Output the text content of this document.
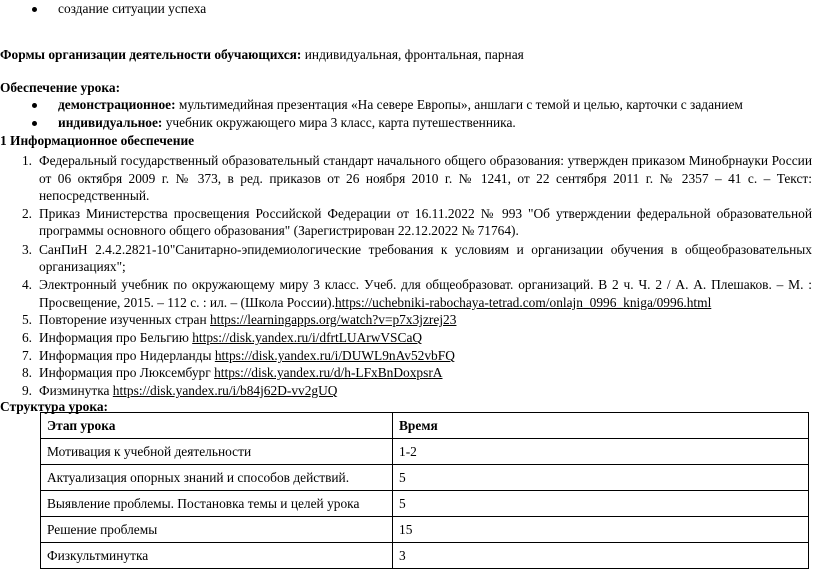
создание ситуации успеха
Формы организации деятельности обучающихся: индивидуальная, фронтальная, парная
Обеспечение урока:
демонстрационное: мультимедийная презентация «На севере Европы», аншлаги с темой и целью, карточки с заданием
индивидуальное: учебник окружающего мира 3 класс, карта путешественника.
1 Информационное обеспечение
1. Федеральный государственный образовательный стандарт начального общего образования: утвержден приказом Минобрнауки России
от 06 октября 2009 г. № 373, в ред. приказов от 26 ноября 2010 г. № 1241, от 22 сентября 2011 г. № 2357 – 41 с. – Текст:
непосредственный.
2. Приказ Министерства просвещения Российской Федерации от 16.11.2022 № 993 "Об утверждении федеральной образовательной
программы основного общего образования" (Зарегистрирован 22.12.2022 № 71764).
3. СанПиН 2.4.2.2821-10"Санитарно-эпидемиологические требования к условиям и организации обучения в общеобразовательных
организациях";
4. Электронный учебник по окружающему миру 3 класс. Учеб. для общеобразоват. организаций. В 2 ч. Ч. 2 / А. А. Плешаков. – М. :
Просвещение, 2015. – 112 с. : ил. – (Школа России).https://uchebniki-rabochaya-tetrad.com/onlajn_0996_kniga/0996.html
5. Повторение изученных стран https://learningapps.org/watch?v=p7x3jzrej23
6. Информация про Бельгию https://disk.yandex.ru/i/dfrtLUArwVSCaQ
7. Информация про Нидерланды https://disk.yandex.ru/i/DUWL9nAv52vbFQ
8. Информация про Люксембург https://disk.yandex.ru/d/h-LFxBnDoxpsrA
9. Физминутка https://disk.yandex.ru/i/b84j62D-vv2gUQ
Структура урока:
Этап урока	Время
Мотивация к учебной деятельности	1-2
Актуализация опорных знаний и способов действий.	5
Выявление проблемы. Постановка темы и целей урока	5
Решение проблемы	15
Физкультминутка	3
